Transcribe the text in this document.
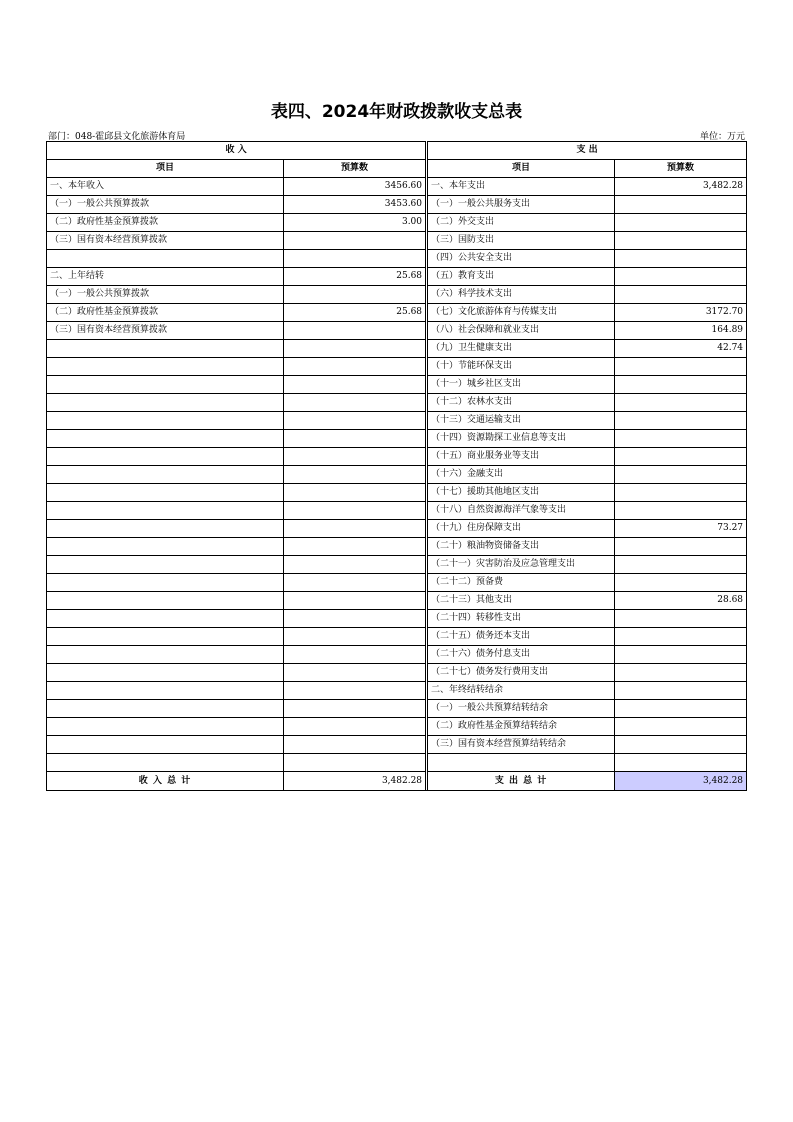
表四、2024年财政拨款收支总表
部门：048-霍邱县文化旅游体育局	单位：万元
收 入			支 出	
项目	预算数		项目	预算数
一、本年收入	3456.60		一、本年支出	3,482.28
（一）一般公共预算拨款	3453.60		（一）一般公共服务支出	
（二）政府性基金预算拨款	3.00		（二）外交支出	
（三）国有资本经营预算拨款			（三）国防支出	
			（四）公共安全支出	
二、上年结转	25.68		（五）教育支出	
（一）一般公共预算拨款			（六）科学技术支出	
（二）政府性基金预算拨款	25.68		（七）文化旅游体育与传媒支出	3172.70
（三）国有资本经营预算拨款			（八）社会保障和就业支出	164.89
			（九）卫生健康支出	42.74
			（十）节能环保支出	
			（十一）城乡社区支出	
			（十二）农林水支出	
			（十三）交通运输支出	
			（十四）资源勘探工业信息等支出	
			（十五）商业服务业等支出	
			（十六）金融支出	
			（十七）援助其他地区支出	
			（十八）自然资源海洋气象等支出	
			（十九）住房保障支出	73.27
			（二十）粮油物资储备支出	
			（二十一）灾害防治及应急管理支出	
			（二十二）预备费	
			（二十三）其他支出	28.68
			（二十四）转移性支出	
			（二十五）债务还本支出	
			（二十六）债务付息支出	
			（二十七）债务发行费用支出	
			二、年终结转结余	
			（一）一般公共预算结转结余	
			（二）政府性基金预算结转结余	
			（三）国有资本经营预算结转结余	

收 入 总 计	3,482.28		支 出 总 计	3,482.28
